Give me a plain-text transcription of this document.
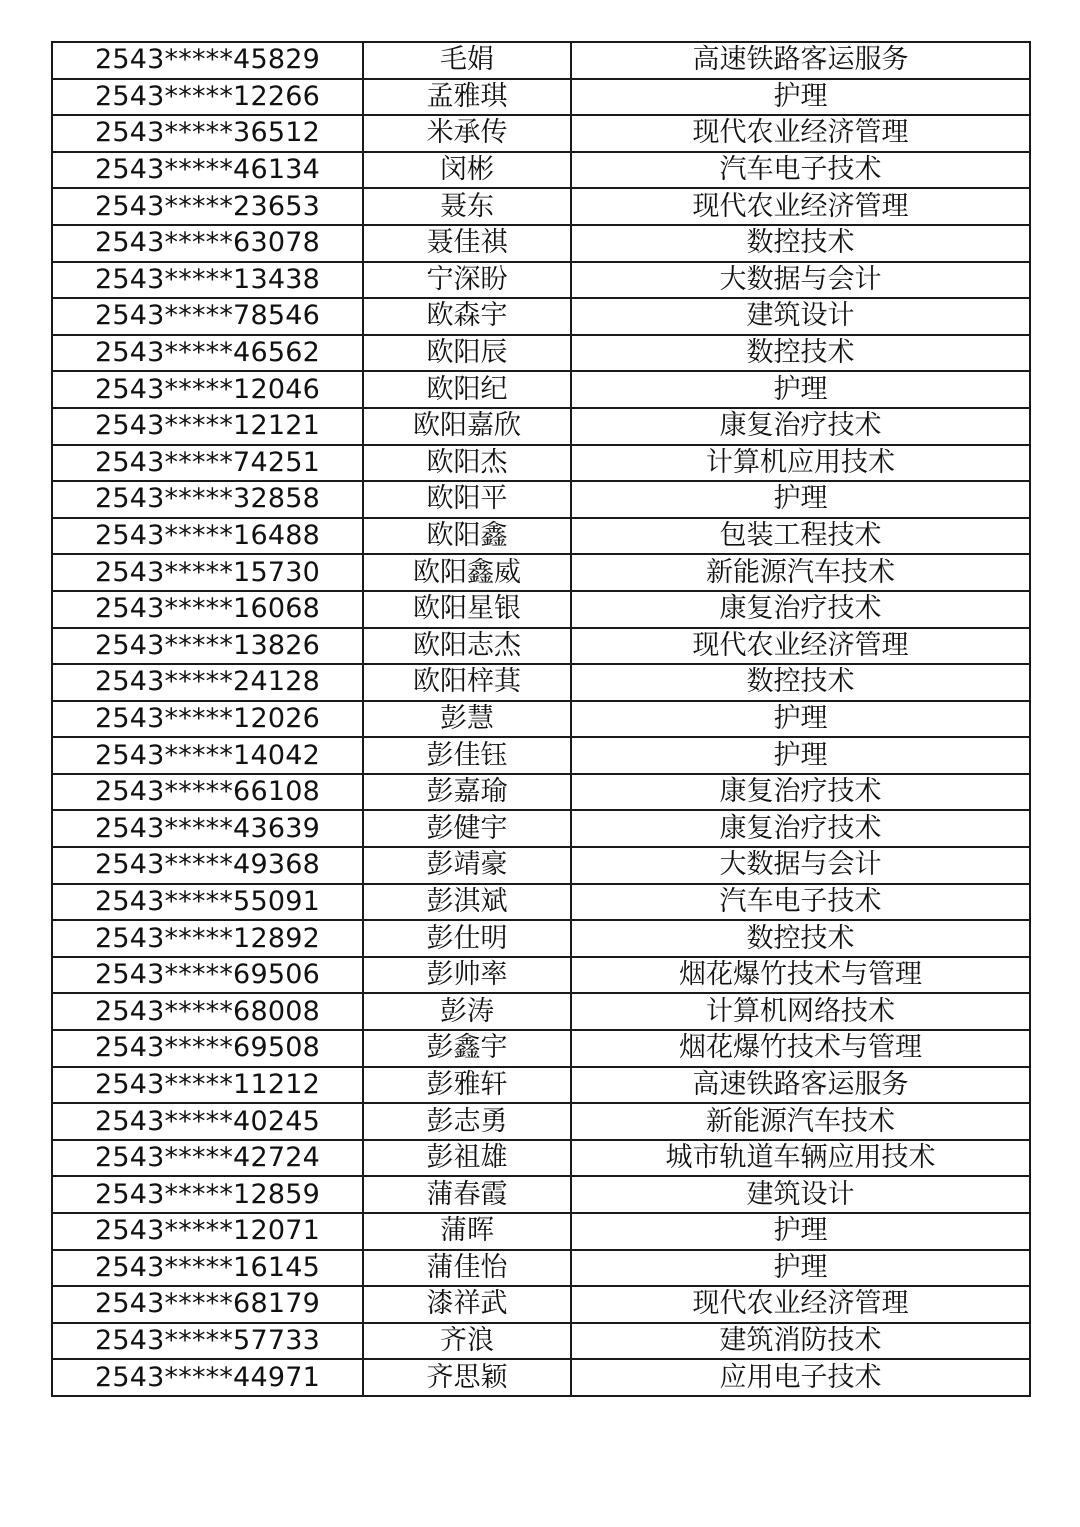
2543*****45829	毛娟	高速铁路客运服务
2543*****12266	孟雅琪	护理
2543*****36512	米承传	现代农业经济管理
2543*****46134	闵彬	汽车电子技术
2543*****23653	聂东	现代农业经济管理
2543*****63078	聂佳祺	数控技术
2543*****13438	宁深盼	大数据与会计
2543*****78546	欧森宇	建筑设计
2543*****46562	欧阳辰	数控技术
2543*****12046	欧阳纪	护理
2543*****12121	欧阳嘉欣	康复治疗技术
2543*****74251	欧阳杰	计算机应用技术
2543*****32858	欧阳平	护理
2543*****16488	欧阳鑫	包装工程技术
2543*****15730	欧阳鑫威	新能源汽车技术
2543*****16068	欧阳星银	康复治疗技术
2543*****13826	欧阳志杰	现代农业经济管理
2543*****24128	欧阳梓萁	数控技术
2543*****12026	彭慧	护理
2543*****14042	彭佳钰	护理
2543*****66108	彭嘉瑜	康复治疗技术
2543*****43639	彭健宇	康复治疗技术
2543*****49368	彭靖豪	大数据与会计
2543*****55091	彭淇斌	汽车电子技术
2543*****12892	彭仕明	数控技术
2543*****69506	彭帅率	烟花爆竹技术与管理
2543*****68008	彭涛	计算机网络技术
2543*****69508	彭鑫宇	烟花爆竹技术与管理
2543*****11212	彭雅轩	高速铁路客运服务
2543*****40245	彭志勇	新能源汽车技术
2543*****42724	彭祖雄	城市轨道车辆应用技术
2543*****12859	蒲春霞	建筑设计
2543*****12071	蒲晖	护理
2543*****16145	蒲佳怡	护理
2543*****68179	漆祥武	现代农业经济管理
2543*****57733	齐浪	建筑消防技术
2543*****44971	齐思颖	应用电子技术
